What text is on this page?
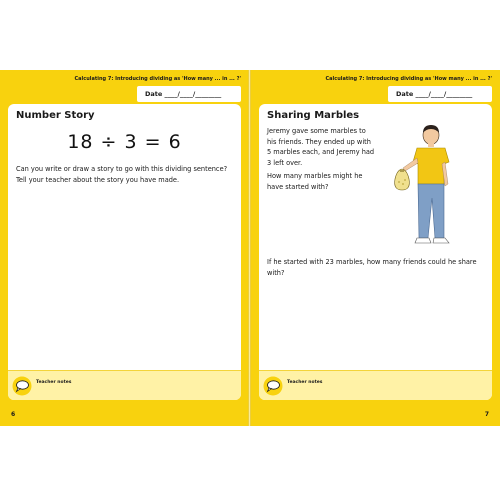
Calculating 7: Introducing dividing as 'How many ... in ... ?'
Date ____/____/________
Number Story
18 ÷ 3 = 6
Can you write or draw a story to go with this dividing sentence? Tell your teacher about the story you have made.
Teacher notes
6
Calculating 7: Introducing dividing as 'How many ... in ... ?'
Date ____/____/________
Sharing Marbles
Jeremy gave some marbles to his friends. They ended up with 5 marbles each, and Jeremy had 3 left over.
How many marbles might he have started with?
If he started with 23 marbles, how many friends could he share with?
Teacher notes
7
